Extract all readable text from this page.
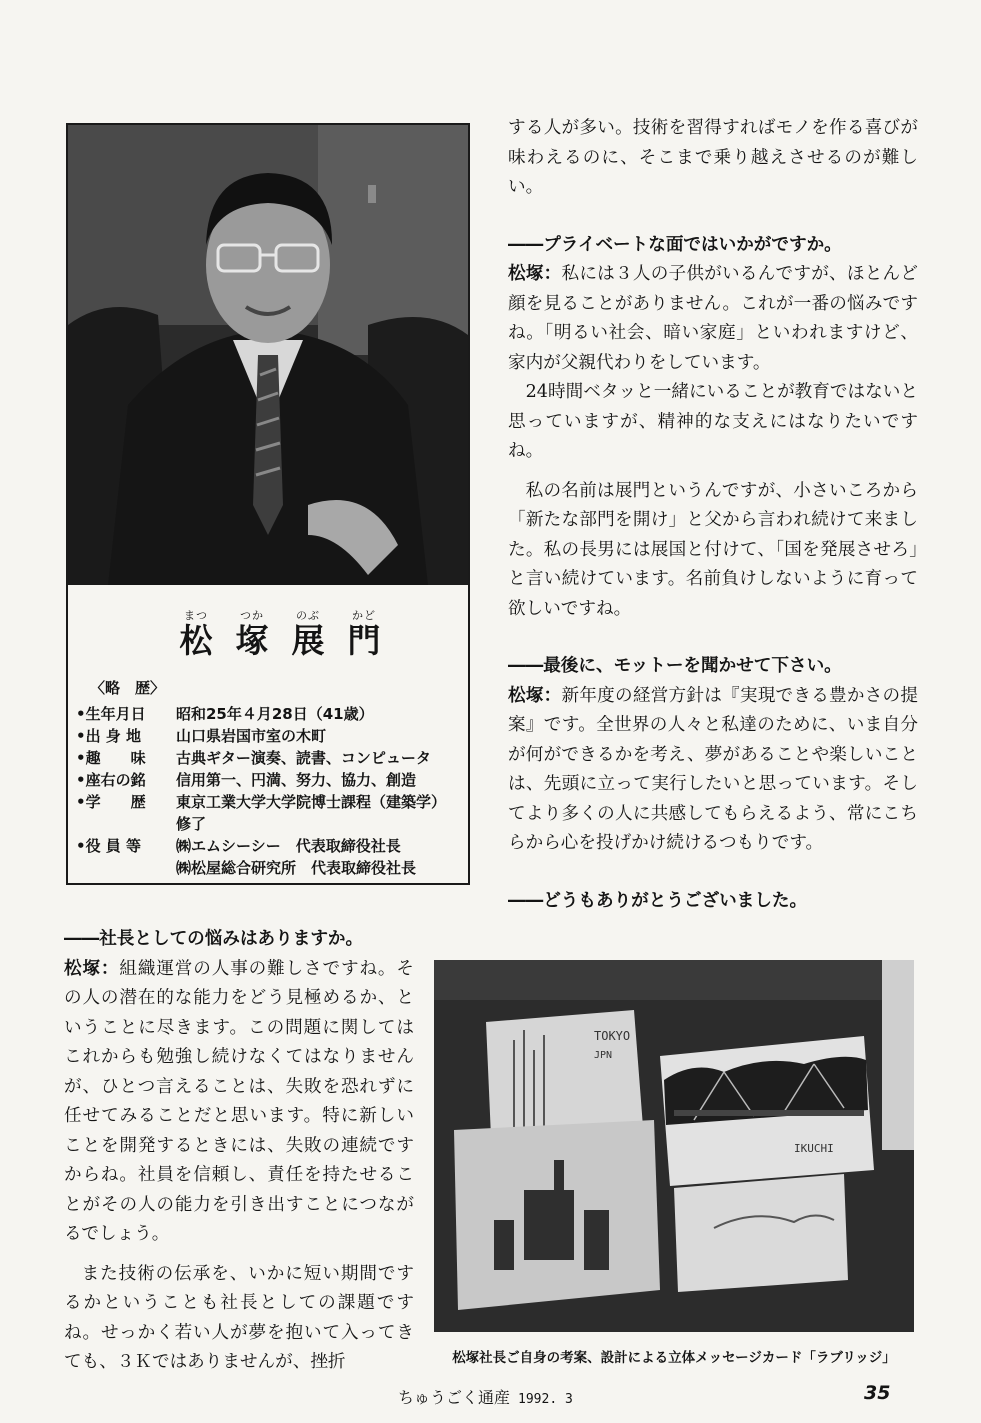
まつ
松
つか
塚
のぶ
展
かど
門
〈略　歴〉
•生年月日	昭和25年４月28日（41歳）
•出 身 地	山口県岩国市室の木町
•趣　　味	古典ギター演奏、読書、コンピュータ
•座右の銘	信用第一、円満、努力、協力、創造
•学　　歴	東京工業大学大学院博士課程（建築学）
修了
•役 員 等	㈱エムシーシー　代表取締役社長
㈱松屋総合研究所　代表取締役社長

する人が多い。技術を習得すればモノを作る喜びが味わえるのに、そこまで乗り越えさせるのが難しい。

――プライベートな面ではいかがですか。

松塚：私には３人の子供がいるんですが、ほとんど顔を見ることがありません。これが一番の悩みですね。「明るい社会、暗い家庭」といわれますけど、家内が父親代わりをしています。

24時間ベタッと一緒にいることが教育ではないと思っていますが、精神的な支えにはなりたいですね。

私の名前は展門というんですが、小さいころから「新たな部門を開け」と父から言われ続けて来ました。私の長男には展国と付けて、「国を発展させろ」と言い続けています。名前負けしないように育って欲しいですね。

――最後に、モットーを聞かせて下さい。

松塚：新年度の経営方針は『実現できる豊かさの提案』です。全世界の人々と私達のために、いま自分が何ができるかを考え、夢があることや楽しいことは、先頭に立って実行したいと思っています。そしてより多くの人に共感してもらえるよう、常にこちらから心を投げかけ続けるつもりです。

――どうもありがとうございました。

――社長としての悩みはありますか。

松塚：組織運営の人事の難しさですね。その人の潜在的な能力をどう見極めるか、ということに尽きます。この問題に関してはこれからも勉強し続けなくてはなりませんが、ひとつ言えることは、失敗を恐れずに任せてみることだと思います。特に新しいことを開発するときには、失敗の連続ですからね。社員を信頼し、責任を持たせることがその人の能力を引き出すことにつながるでしょう。

また技術の伝承を、いかに短い期間でするかということも社長としての課題ですね。せっかく若い人が夢を抱いて入ってきても、３Ｋではありませんが、挫折

TOKYO
JPN
IKUCHI
松塚社長ご自身の考案、設計による立体メッセージカード「ラブリッジ」
ちゅうごく通産 1992. 3	35
